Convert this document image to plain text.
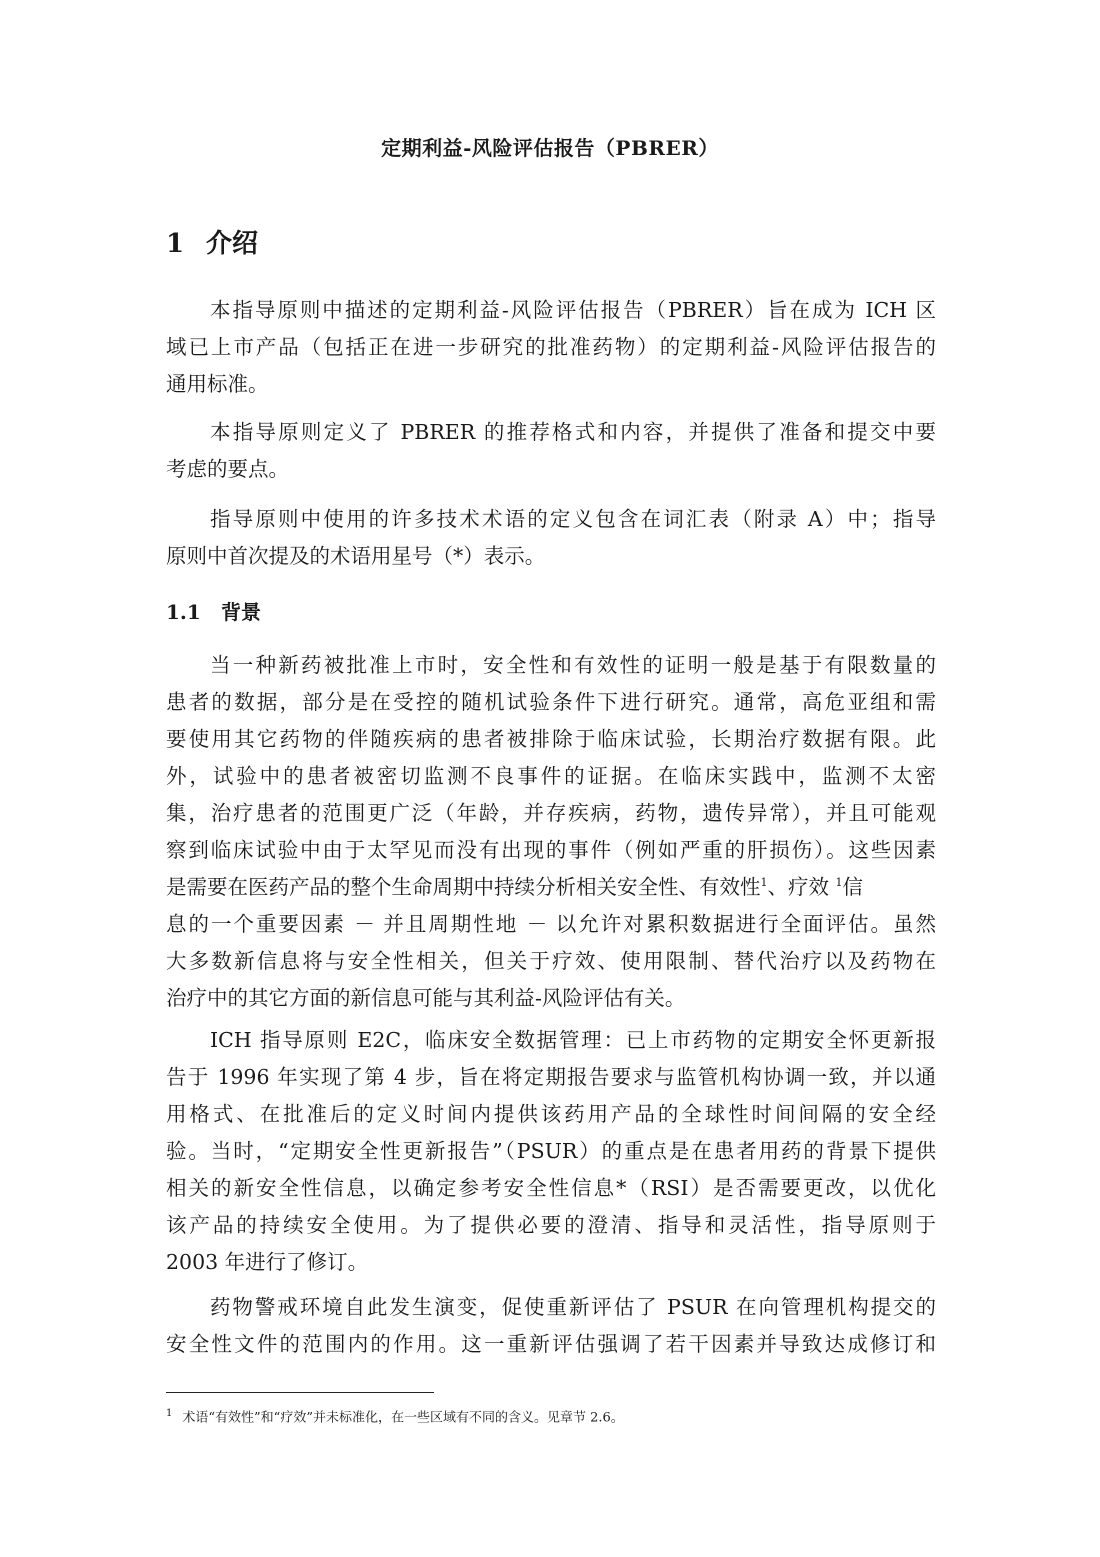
定期利益-风险评估报告（PBRER）
1 介绍
本指导原则中描述的定期利益-风险评估报告（PBRER）旨在成为 ICH 区
域已上市产品（包括正在进一步研究的批准药物）的定期利益-风险评估报告的
通用标准。
本指导原则定义了 PBRER 的推荐格式和内容，并提供了准备和提交中要
考虑的要点。
指导原则中使用的许多技术术语的定义包含在词汇表（附录 A）中；指导
原则中首次提及的术语用星号（*）表示。
1.1 背景
当一种新药被批准上市时，安全性和有效性的证明一般是基于有限数量的
患者的数据，部分是在受控的随机试验条件下进行研究。通常，高危亚组和需
要使用其它药物的伴随疾病的患者被排除于临床试验，长期治疗数据有限。此
外，试验中的患者被密切监测不良事件的证据。在临床实践中，监测不太密
集，治疗患者的范围更广泛（年龄，并存疾病，药物，遗传异常），并且可能观
察到临床试验中由于太罕见而没有出现的事件（例如严重的肝损伤）。这些因素
是需要在医药产品的整个生命周期中持续分析相关安全性、有效性$^1$、疗效 $^1$信
息的一个重要因素 － 并且周期性地 － 以允许对累积数据进行全面评估。虽然
大多数新信息将与安全性相关，但关于疗效、使用限制、替代治疗以及药物在
治疗中的其它方面的新信息可能与其利益-风险评估有关。
ICH 指导原则 E2C，临床安全数据管理：已上市药物的定期安全怀更新报
告于 1996 年实现了第 4 步，旨在将定期报告要求与监管机构协调一致，并以通
用格式、在批准后的定义时间内提供该药用产品的全球性时间间隔的安全经
验。当时，“定期安全性更新报告”（PSUR）的重点是在患者用药的背景下提供
相关的新安全性信息，以确定参考安全性信息*（RSI）是否需要更改，以优化
该产品的持续安全使用。为了提供必要的澄清、指导和灵活性，指导原则于
2003 年进行了修订。
药物警戒环境自此发生演变，促使重新评估了 PSUR 在向管理机构提交的
安全性文件的范围内的作用。这一重新评估强调了若干因素并导致达成修订和
$^1$ 术语“有效性”和“疗效”并未标准化，在一些区域有不同的含义。见章节 2.6。
